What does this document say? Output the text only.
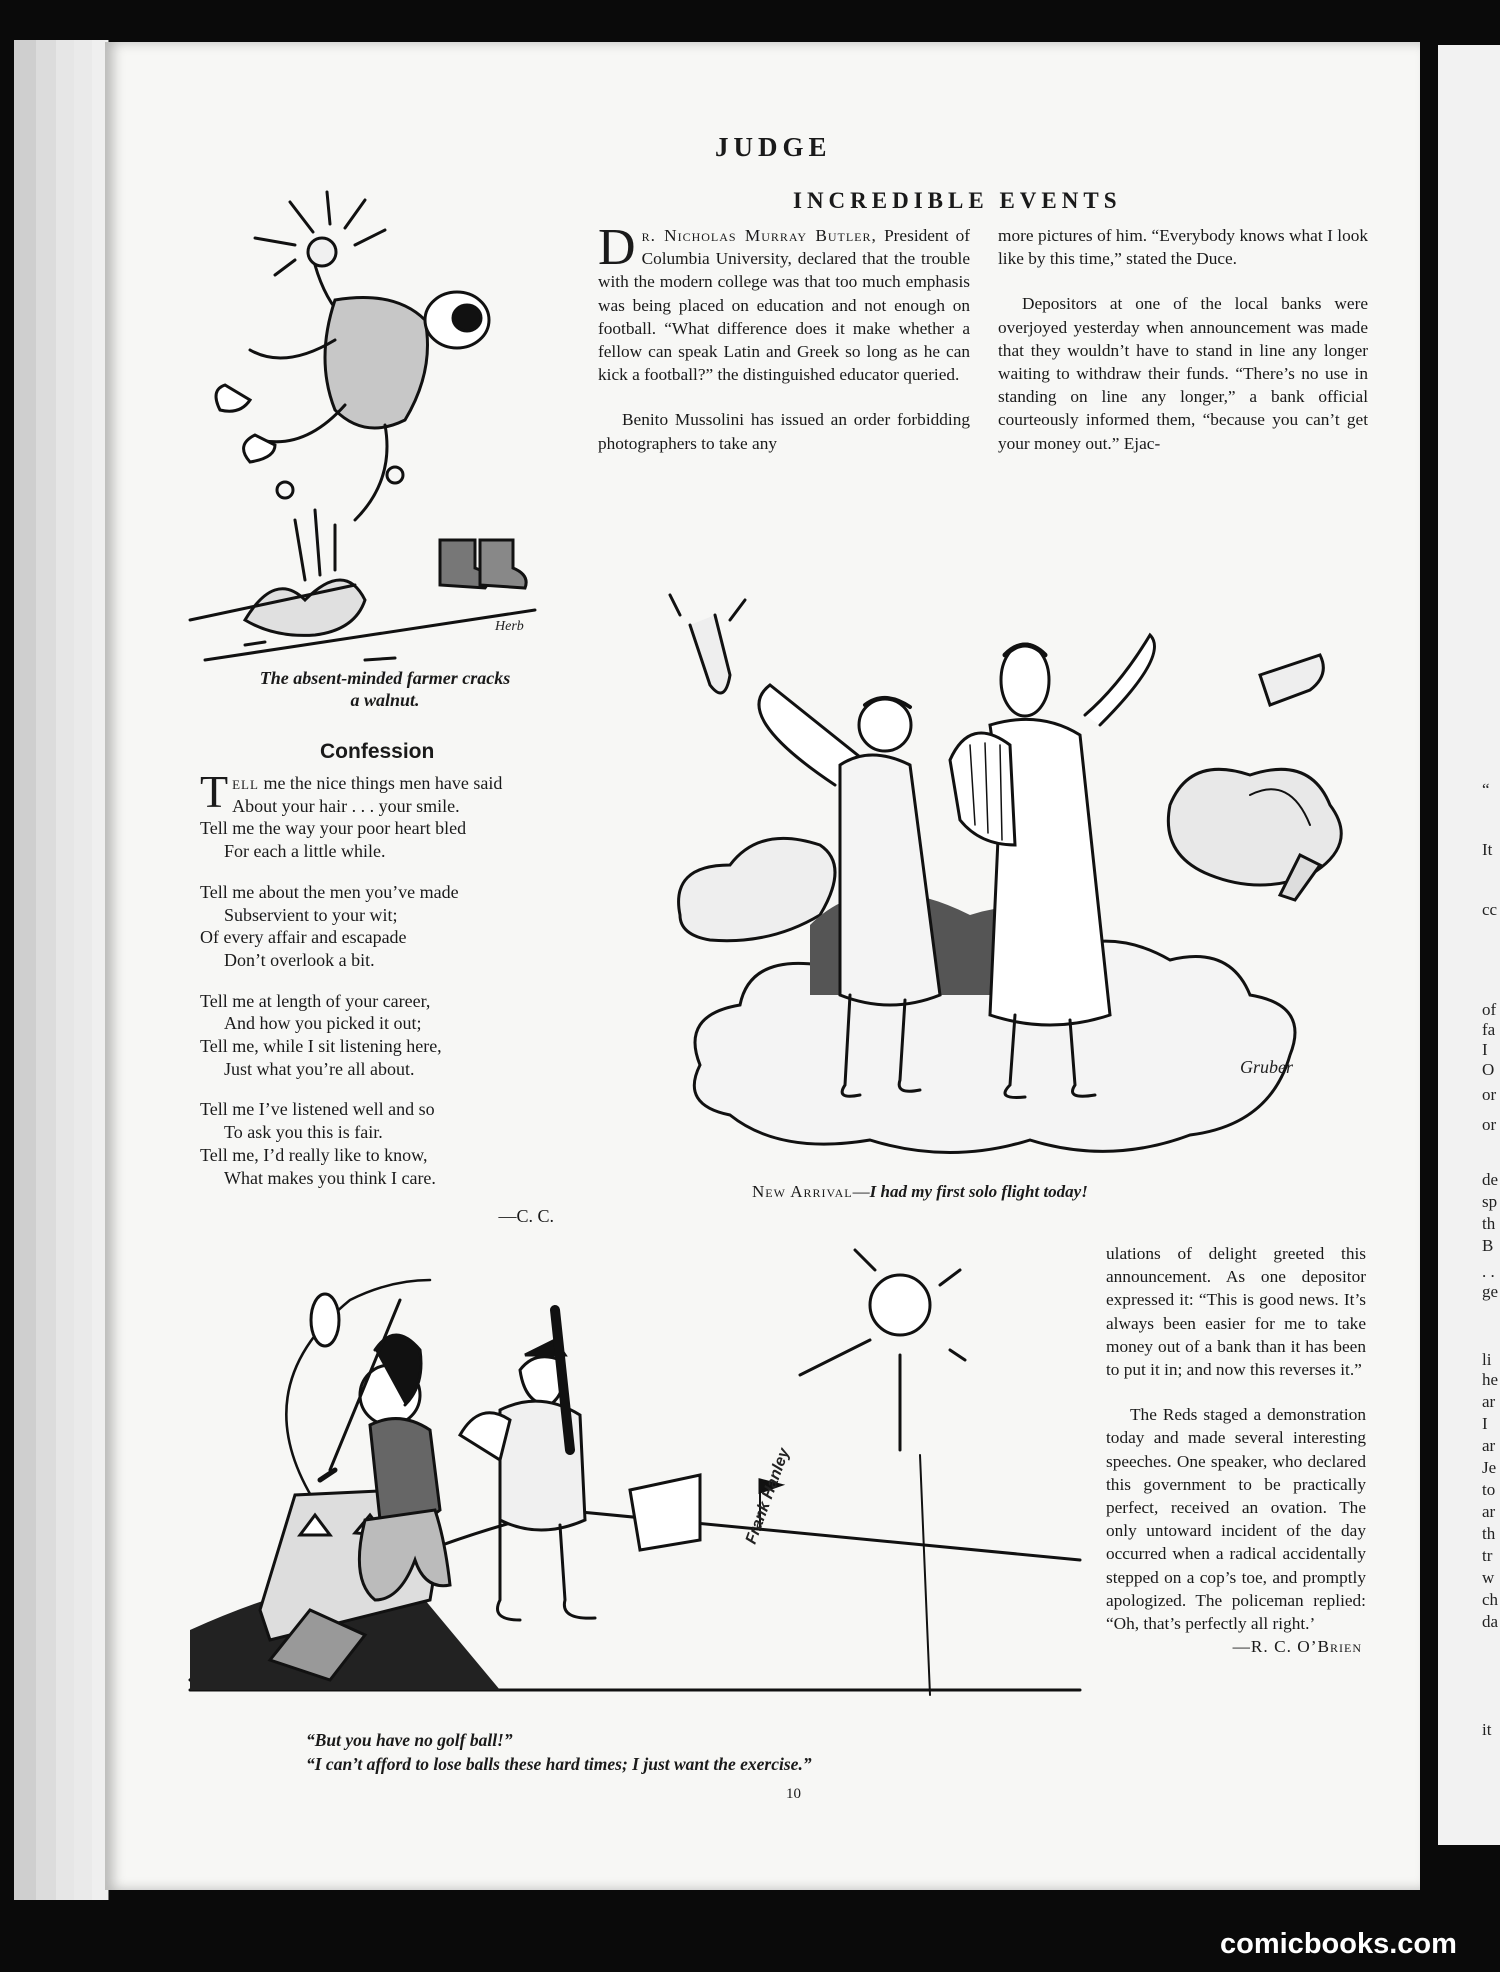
“
It
cc
of
fa
I
O
or
or
de
sp
th
B
. .
ge
li
he
ar
I
ar
Je
to
ar
th
tr
w
ch
da
it
JUDGE
INCREDIBLE EVENTS

Dr. Nicholas Murray Butler, President of Columbia University, declared that the trouble with the modern college was that too much emphasis was being placed on education and not enough on football. “What difference does it make whether a fellow can speak Latin and Greek so long as he can kick a football?” the distinguished educator queried.

Benito Mussolini has issued an order forbidding photographers to take any

more pictures of him. “Everybody knows what I look like by this time,” stated the Duce.

Depositors at one of the local banks were overjoyed yesterday when announcement was made that they wouldn’t have to stand in line any longer waiting to withdraw their funds. “There’s no use in standing on line any longer,” a bank official courteously informed them, “because you can’t get your money out.” Ejac-

ulations of delight greeted this announcement. As one depositor expressed it: “This is good news. It’s always been easier for me to take money out of a bank than it has been to put it in; and now this reverses it.”

The Reds staged a demonstration today and made several interesting speeches. One speaker, who declared this government to be practically perfect, received an ovation. The only untoward incident of the day occurred when a radical accidentally stepped on a cop’s toe, and promptly apologized. The policeman replied: “Oh, that’s perfectly all right.’

—R. C. O’Brien
Herb
The absent-minded farmer cracks
a walnut.
Confession
Tell me the nice things men have said
About your hair . . . your smile.
Tell me the way your poor heart bled
For each a little while.
Tell me about the men you’ve made
Subservient to your wit;
Of every affair and escapade
Don’t overlook a bit.
Tell me at length of your career,
And how you picked it out;
Tell me, while I sit listening here,
Just what you’re all about.
Tell me I’ve listened well and so
To ask you this is fair.
Tell me, I’d really like to know,
What makes you think I care.
—C. C.
Gruber
New Arrival—I had my first solo flight today!
Frank Hanley
“But you have no golf ball!”
“I can’t afford to lose balls these hard times; I just want the exercise.”
10
comicbooks.com
